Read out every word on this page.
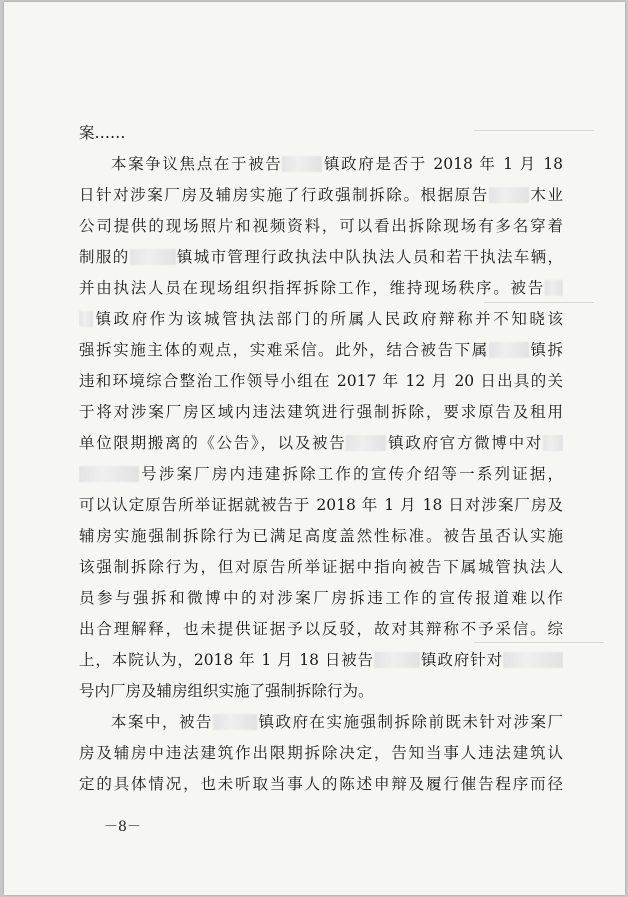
案……
本案争议焦点在于被告	镇政府是否于 2018 年 1 月 18
日针对涉案厂房及辅房实施了行政强制拆除。根据原告	木业
公司提供的现场照片和视频资料，可以看出拆除现场有多名穿着
制服的	镇城市管理行政执法中队执法人员和若干执法车辆，
并由执法人员在现场组织指挥拆除工作，维持现场秩序。被告
镇政府作为该城管执法部门的所属人民政府辩称并不知晓该
强拆实施主体的观点，实难采信。此外，结合被告下属	镇拆
违和环境综合整治工作领导小组在 2017 年 12 月 20 日出具的关
于将对涉案厂房区域内违法建筑进行强制拆除，要求原告及租用
单位限期搬离的《公告》，以及被告	镇政府官方微博中对
号涉案厂房内违建拆除工作的宣传介绍等一系列证据，
可以认定原告所举证据就被告于 2018 年 1 月 18 日对涉案厂房及
辅房实施强制拆除行为已满足高度盖然性标准。被告虽否认实施
该强制拆除行为，但对原告所举证据中指向被告下属城管执法人
员参与强拆和微博中的对涉案厂房拆违工作的宣传报道难以作
出合理解释，也未提供证据予以反驳，故对其辩称不予采信。综
上，本院认为，2018 年 1 月 18 日被告	镇政府针对
号内厂房及辅房组织实施了强制拆除行为。
本案中，被告	镇政府在实施强制拆除前既未针对涉案厂
房及辅房中违法建筑作出限期拆除决定，告知当事人违法建筑认
定的具体情况，也未听取当事人的陈述申辩及履行催告程序而径
－8－
